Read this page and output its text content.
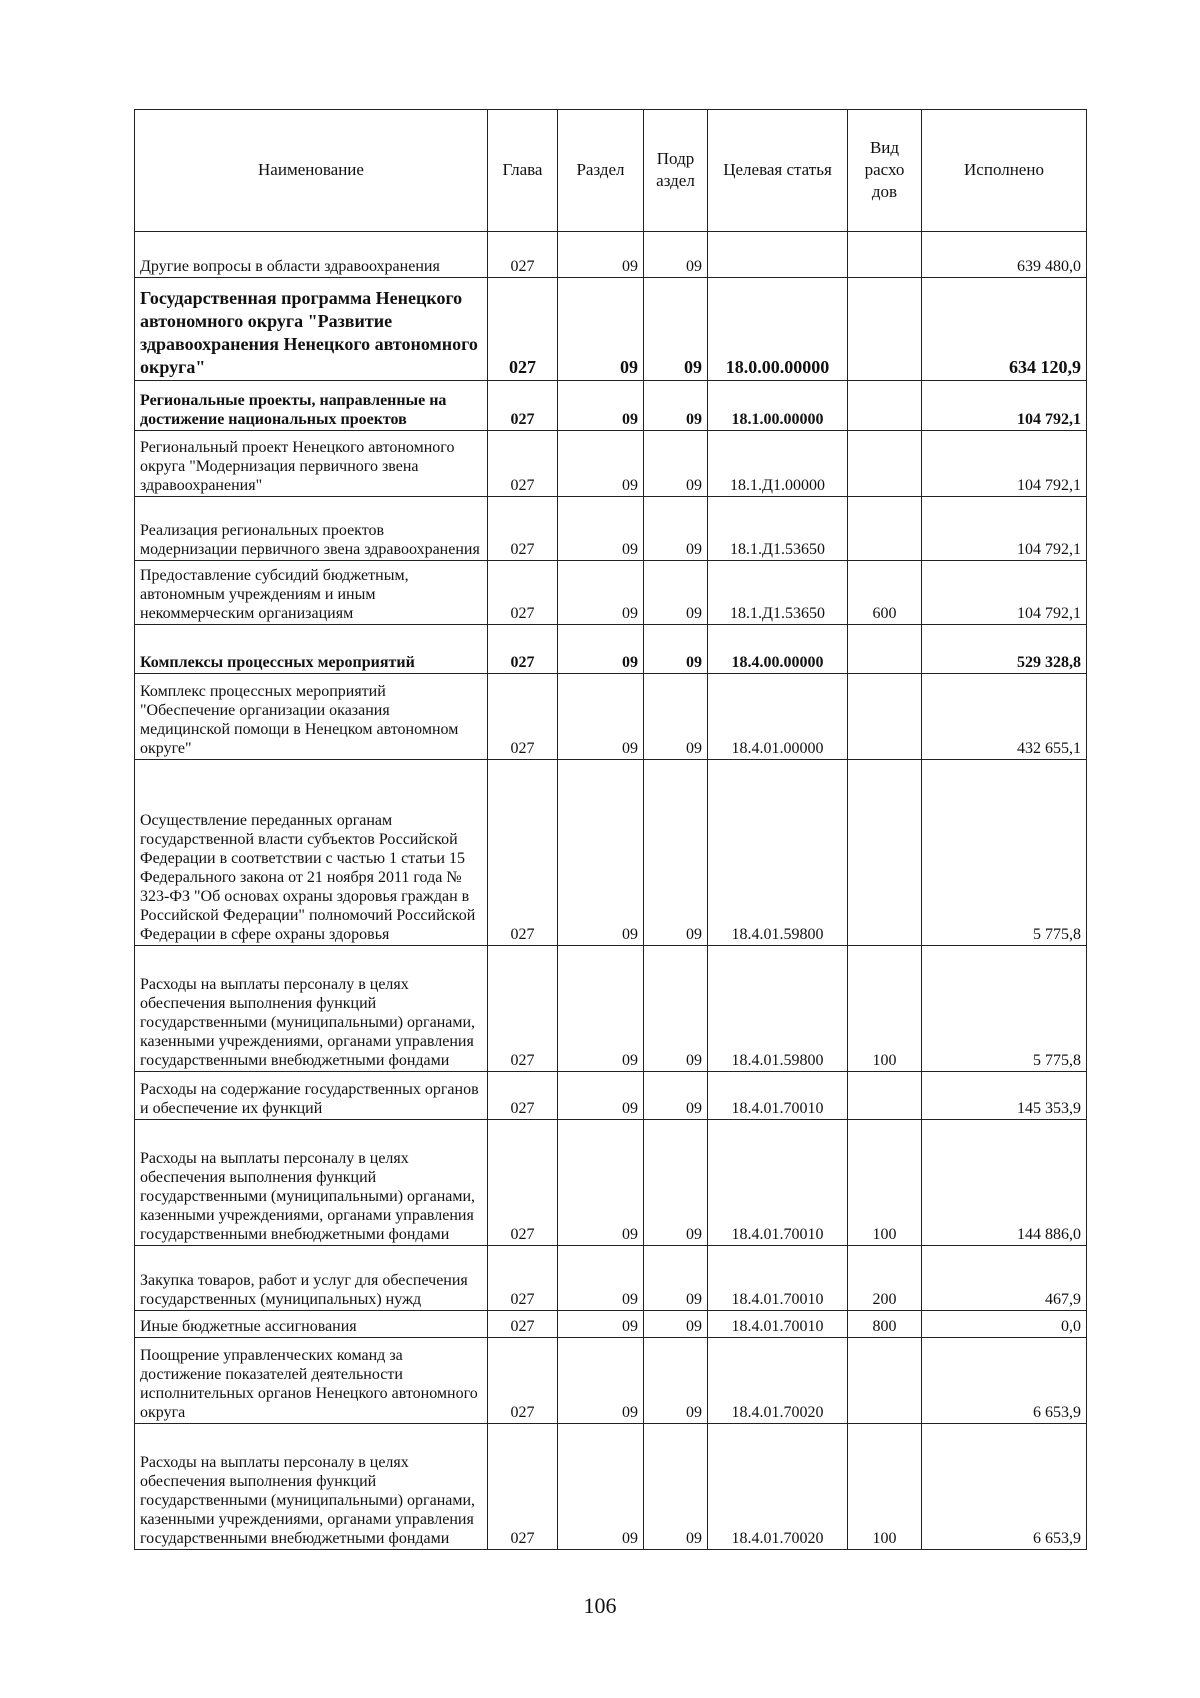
Наименование	Глава	Раздел	Подр аздел	Целевая статья	Вид расхо дов	Исполнено
Другие вопросы в области здравоохранения	027	09	09			639 480,0
Государственная программа Ненецкого автономного округа "Развитие здравоохранения Ненецкого автономного округа"	027	09	09	18.0.00.00000		634 120,9
Региональные проекты, направленные на достижение национальных проектов	027	09	09	18.1.00.00000		104 792,1
Региональный проект Ненецкого автономного округа "Модернизация первичного звена здравоохранения"	027	09	09	18.1.Д1.00000		104 792,1
Реализация региональных проектов модернизации первичного звена здравоохранения	027	09	09	18.1.Д1.53650		104 792,1
Предоставление субсидий бюджетным, автономным учреждениям и иным некоммерческим организациям	027	09	09	18.1.Д1.53650	600	104 792,1
Комплексы процессных мероприятий	027	09	09	18.4.00.00000		529 328,8
Комплекс процессных мероприятий "Обеспечение организации оказания медицинской помощи в Ненецком автономном округе"	027	09	09	18.4.01.00000		432 655,1
Осуществление переданных органам государственной власти субъектов Российской Федерации в соответствии с частью 1 статьи 15 Федерального закона от 21 ноября 2011 года № 323-ФЗ "Об основах охраны здоровья граждан в Российской Федерации" полномочий Российской Федерации в сфере охраны здоровья	027	09	09	18.4.01.59800		5 775,8
Расходы на выплаты персоналу в целях обеспечения выполнения функций государственными (муниципальными) органами, казенными учреждениями, органами управления государственными внебюджетными фондами	027	09	09	18.4.01.59800	100	5 775,8
Расходы на содержание государственных органов и обеспечение их функций	027	09	09	18.4.01.70010		145 353,9
Расходы на выплаты персоналу в целях обеспечения выполнения функций государственными (муниципальными) органами, казенными учреждениями, органами управления государственными внебюджетными фондами	027	09	09	18.4.01.70010	100	144 886,0
Закупка товаров, работ и услуг для обеспечения государственных (муниципальных) нужд	027	09	09	18.4.01.70010	200	467,9
Иные бюджетные ассигнования	027	09	09	18.4.01.70010	800	0,0
Поощрение управленческих команд за достижение показателей деятельности исполнительных органов Ненецкого автономного округа	027	09	09	18.4.01.70020		6 653,9
Расходы на выплаты персоналу в целях обеспечения выполнения функций государственными (муниципальными) органами, казенными учреждениями, органами управления государственными внебюджетными фондами	027	09	09	18.4.01.70020	100	6 653,9
106
